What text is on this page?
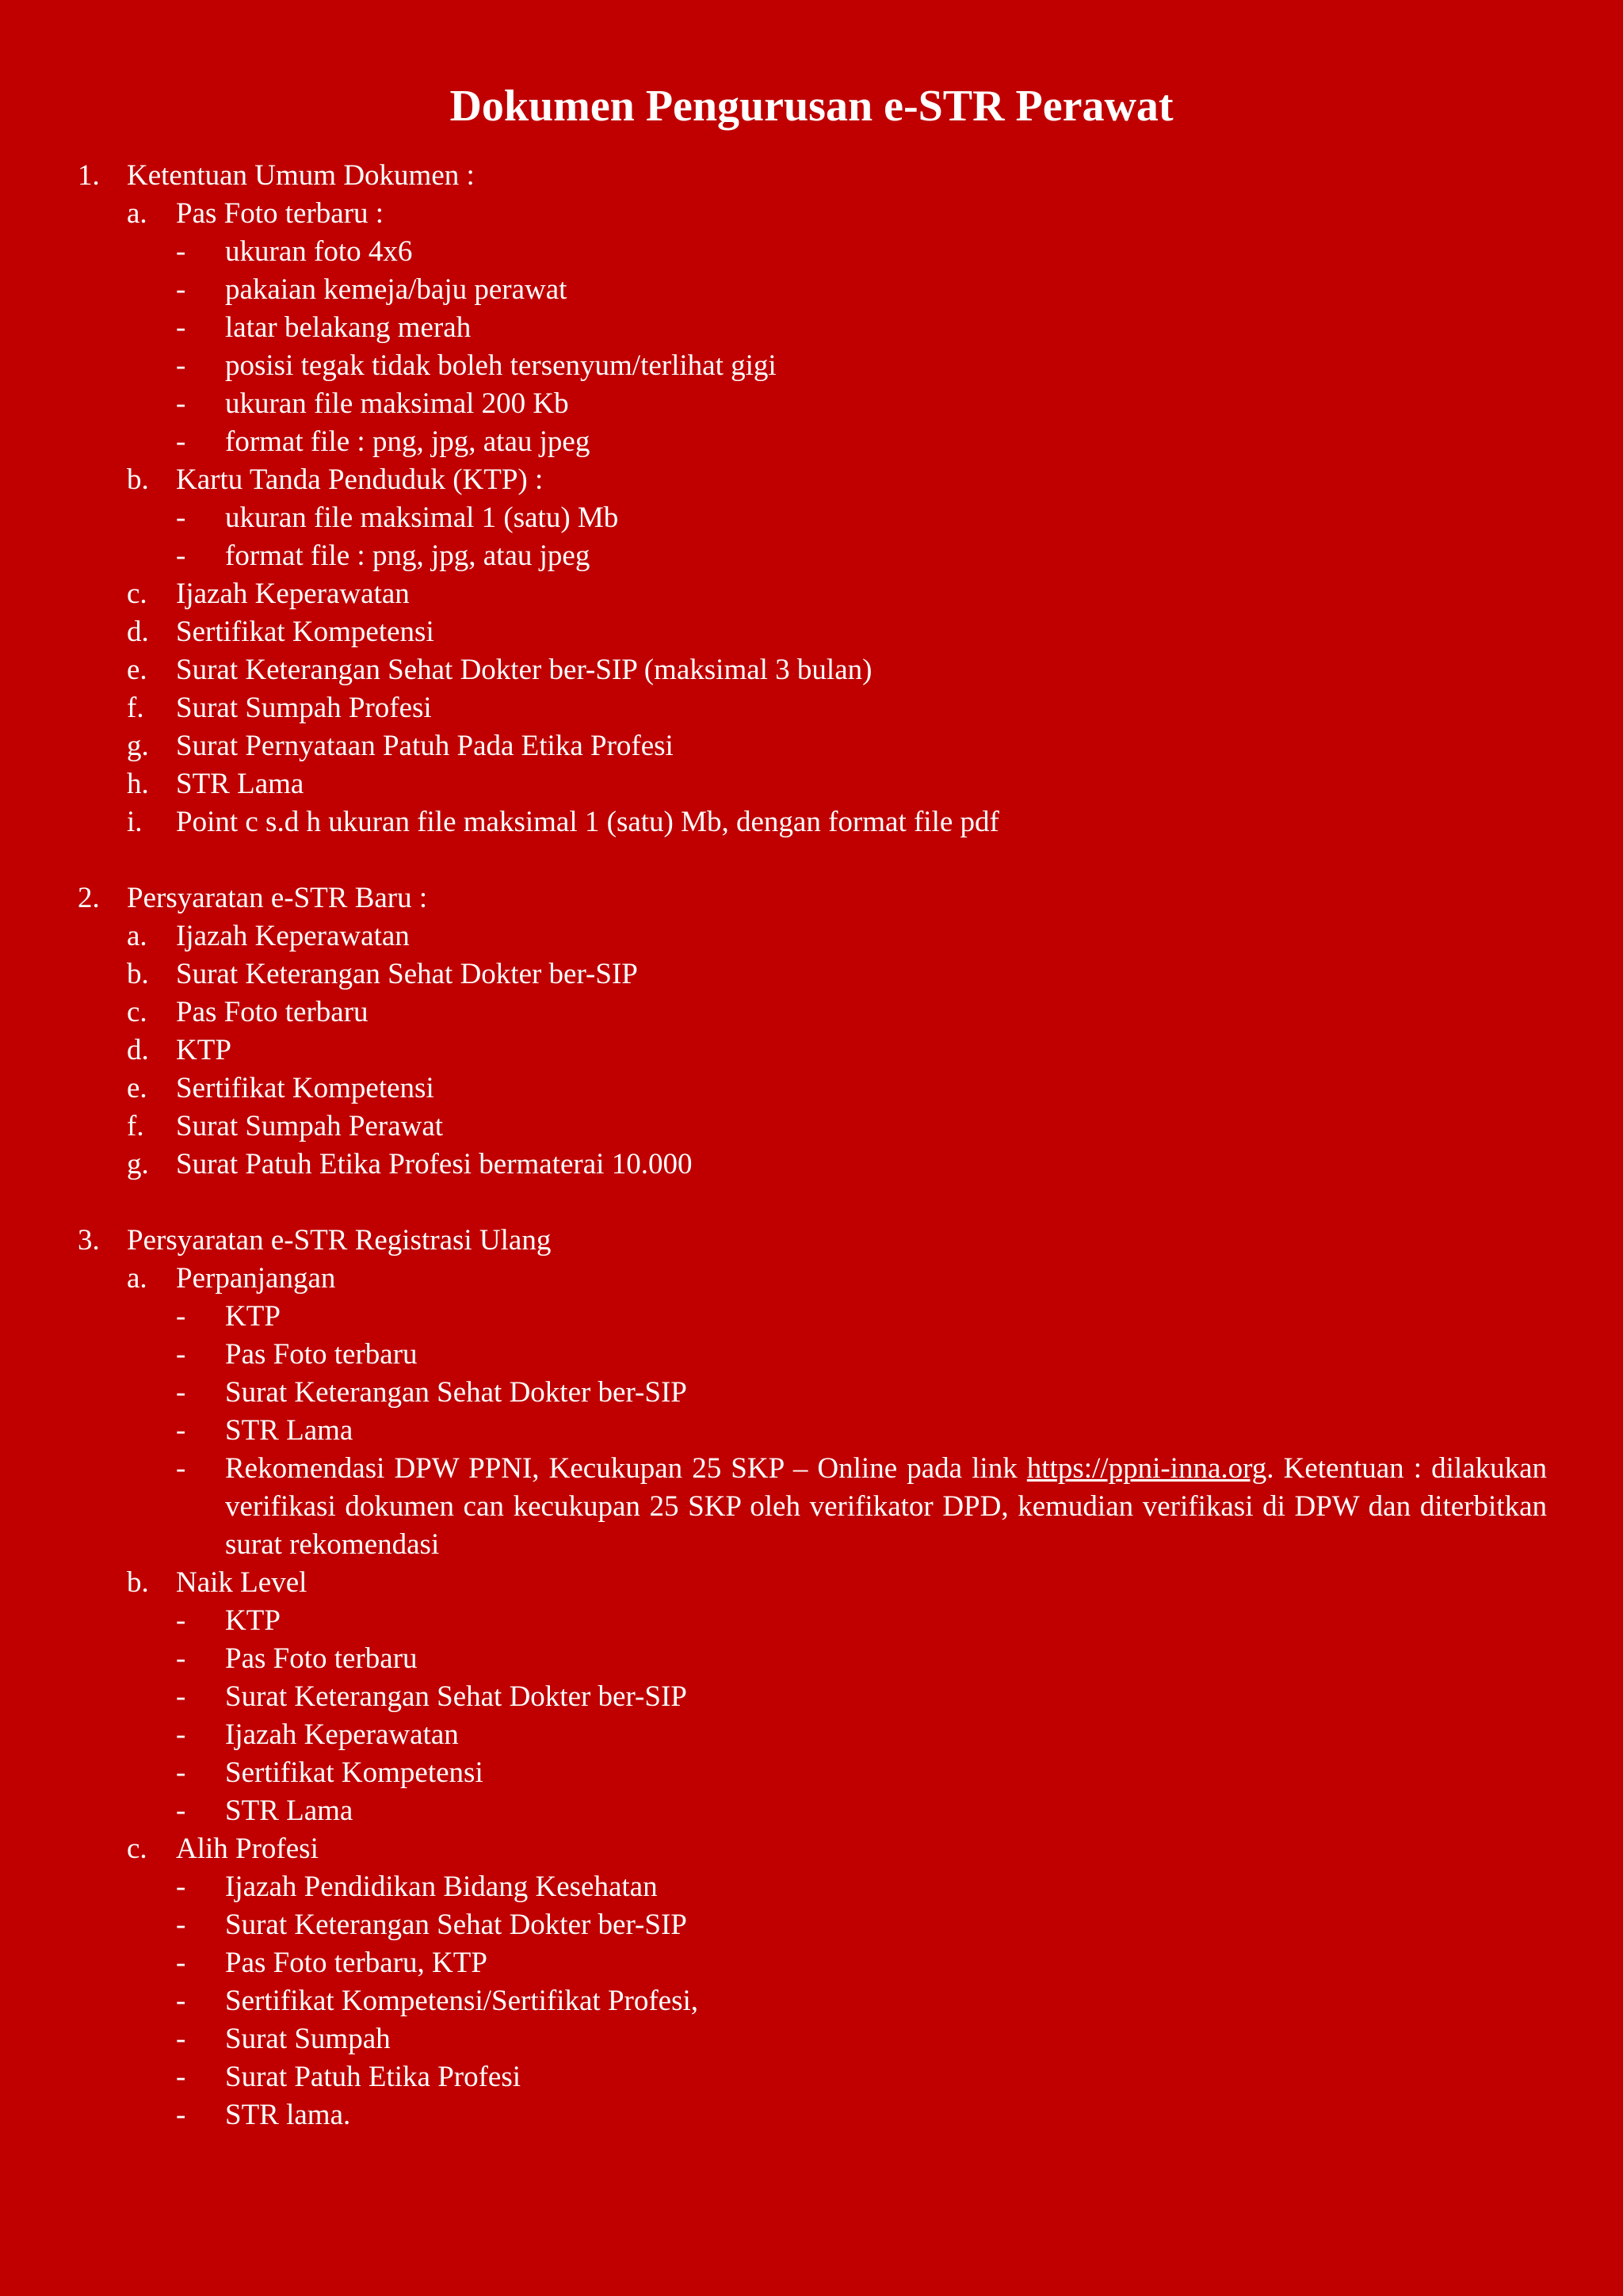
Dokumen Pengurusan e-STR Perawat
1. Ketentuan Umum Dokumen :
a. Pas Foto terbaru :
- ukuran foto 4x6
- pakaian kemeja/baju perawat
- latar belakang merah
- posisi tegak tidak boleh tersenyum/terlihat gigi
- ukuran file maksimal 200 Kb
- format file : png, jpg, atau jpeg
b. Kartu Tanda Penduduk (KTP) :
- ukuran file maksimal 1 (satu) Mb
- format file : png, jpg, atau jpeg
c. Ijazah Keperawatan
d. Sertifikat Kompetensi
e. Surat Keterangan Sehat Dokter ber-SIP (maksimal 3 bulan)
f. Surat Sumpah Profesi
g. Surat Pernyataan Patuh Pada Etika Profesi
h. STR Lama
i. Point c s.d h ukuran file maksimal 1 (satu) Mb, dengan format file pdf
2. Persyaratan e-STR Baru :
a. Ijazah Keperawatan
b. Surat Keterangan Sehat Dokter ber-SIP
c. Pas Foto terbaru
d. KTP
e. Sertifikat Kompetensi
f. Surat Sumpah Perawat
g. Surat Patuh Etika Profesi bermaterai 10.000
3. Persyaratan e-STR Registrasi Ulang
a. Perpanjangan
- KTP
- Pas Foto terbaru
- Surat Keterangan Sehat Dokter ber-SIP
- STR Lama
- Rekomendasi DPW PPNI, Kecukupan 25 SKP – Online pada link https://ppni-inna.org. Ketentuan : dilakukan verifikasi dokumen can kecukupan 25 SKP oleh verifikator DPD, kemudian verifikasi di DPW dan diterbitkan surat rekomendasi
b. Naik Level
- KTP
- Pas Foto terbaru
- Surat Keterangan Sehat Dokter ber-SIP
- Ijazah Keperawatan
- Sertifikat Kompetensi
- STR Lama
c. Alih Profesi
- Ijazah Pendidikan Bidang Kesehatan
- Surat Keterangan Sehat Dokter ber-SIP
- Pas Foto terbaru, KTP
- Sertifikat Kompetensi/Sertifikat Profesi,
- Surat Sumpah
- Surat Patuh Etika Profesi
- STR lama.
